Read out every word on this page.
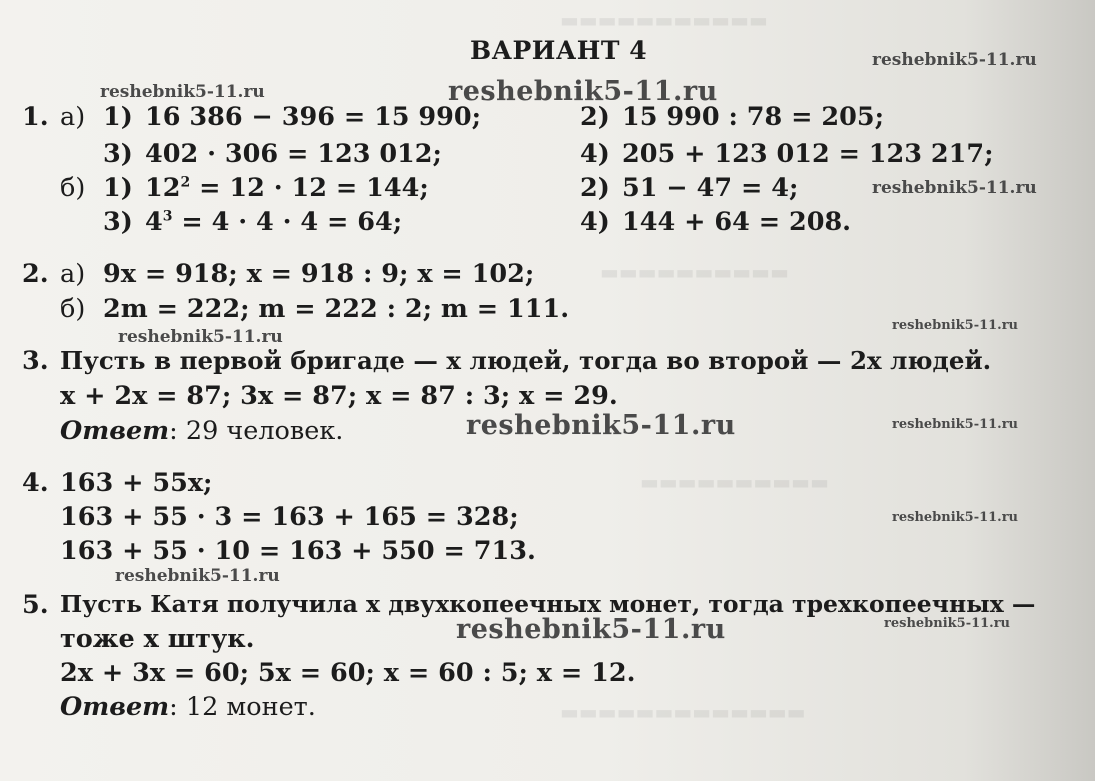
▬▬▬▬▬▬▬▬▬▬▬
▬▬▬▬▬▬▬▬▬▬
▬▬▬▬▬▬▬▬▬▬
▬▬▬▬▬▬▬▬▬▬▬▬▬
ВАРИАНТ 4	reshebnik5-11.ru
reshebnik5-11.ru	reshebnik5-11.ru
reshebnik5-11.ru
reshebnik5-11.ru
reshebnik5-11.ru
reshebnik5-11.ru	reshebnik5-11.ru
reshebnik5-11.ru
reshebnik5-11.ru
reshebnik5-11.ru	reshebnik5-11.ru
1. а) 1) 16 386 − 396 = 15 990;	2) 15 990 : 78 = 205;
3) 402 · 306 = 123 012;	4) 205 + 123 012 = 123 217;
б) 1) $12^2 = 12 \cdot 12 = 144$;	2) 51 − 47 = 4;
3) $4^3 = 4 \cdot 4 \cdot 4 = 64$;	4) 144 + 64 = 208.
2. а) 9x = 918; x = 918 : 9; x = 102;
б) 2m = 222; m = 222 : 2; m = 111.
3. Пусть в первой бригаде — x людей, тогда во второй — 2x людей.
x + 2x = 87; 3x = 87; x = 87 : 3; x = 29.
Ответ: 29 человек.
4. 163 + 55x;
163 + 55 · 3 = 163 + 165 = 328;
163 + 55 · 10 = 163 + 550 = 713.
5. Пусть Катя получила x двухкопеечных монет, тогда трехкопеечных —
тоже x штук.
2x + 3x = 60; 5x = 60; x = 60 : 5; x = 12.
Ответ: 12 монет.
